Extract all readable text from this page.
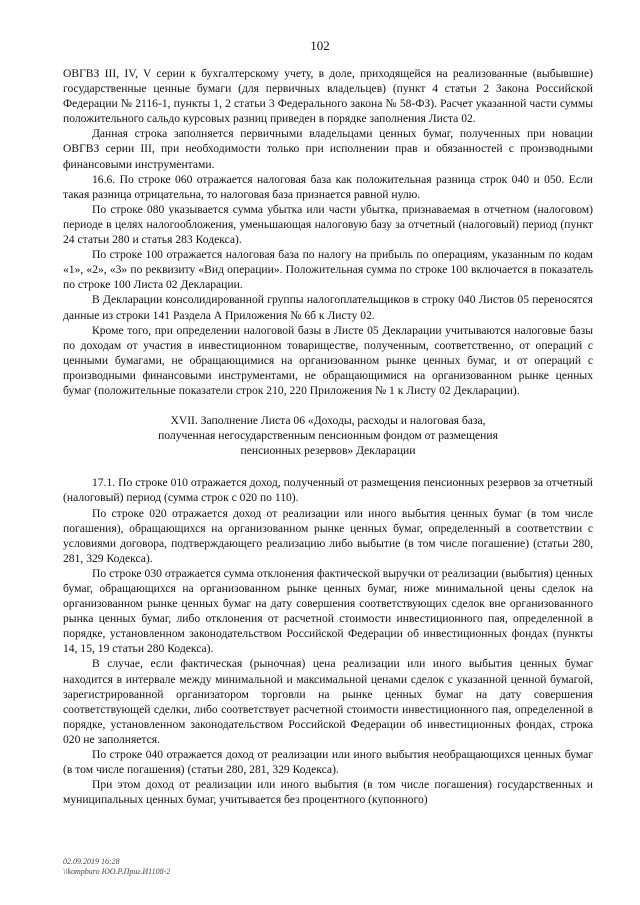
102

ОВГВЗ III, IV, V серии к бухгалтерскому учету, в доле, приходящейся на реализованные (выбывшие) государственные ценные бумаги (для первичных владельцев) (пункт 4 статьи 2 Закона Российской Федерации № 2116-1, пункты 1, 2 статьи 3 Федерального закона № 58-ФЗ). Расчет указанной части суммы положительного сальдо курсовых разниц приведен в порядке заполнения Листа 02.

Данная строка заполняется первичными владельцами ценных бумаг, полученных при новации ОВГВЗ серии III, при необходимости только при исполнении прав и обязанностей с производными финансовыми инструментами.

16.6. По строке 060 отражается налоговая база как положительная разница строк 040 и 050. Если такая разница отрицательна, то налоговая база признается равной нулю.

По строке 080 указывается сумма убытка или части убытка, признаваемая в отчетном (налоговом) периоде в целях налогообложения, уменьшающая налоговую базу за отчетный (налоговый) период (пункт 24 статьи 280 и статья 283 Кодекса).

По строке 100 отражается налоговая база по налогу на прибыль по операциям, указанным по кодам «1», «2», «3» по реквизиту «Вид операции». Положительная сумма по строке 100 включается в показатель по строке 100 Листа 02 Декларации.

В Декларации консолидированной группы налогоплательщиков в строку 040 Листов 05 переносятся данные из строки 141 Раздела А Приложения № 6б к Листу 02.

Кроме того, при определении налоговой базы в Листе 05 Декларации учитываются налоговые базы по доходам от участия в инвестиционном товариществе, полученным, соответственно, от операций с ценными бумагами, не обращающимися на организованном рынке ценных бумаг, и от операций с производными финансовыми инструментами, не обращающимися на организованном рынке ценных бумаг (положительные показатели строк 210, 220 Приложения № 1 к Листу 02 Декларации).

XVII. Заполнение Листа 06 «Доходы, расходы и налоговая база,
полученная негосударственным пенсионным фондом от размещения
пенсионных резервов» Декларации

17.1. По строке 010 отражается доход, полученный от размещения пенсионных резервов за отчетный (налоговый) период (сумма строк с 020 по 110).

По строке 020 отражается доход от реализации или иного выбытия ценных бумаг (в том числе погашения), обращающихся на организованном рынке ценных бумаг, определенный в соответствии с условиями договора, подтверждающего реализацию либо выбытие (в том числе погашение) (статьи 280, 281, 329 Кодекса).

По строке 030 отражается сумма отклонения фактической выручки от реализации (выбытия) ценных бумаг, обращающихся на организованном рынке ценных бумаг, ниже минимальной цены сделок на организованном рынке ценных бумаг на дату совершения соответствующих сделок вне организованного рынка ценных бумаг, либо отклонения от расчетной стоимости инвестиционного пая, определенной в порядке, установленном законодательством Российской Федерации об инвестиционных фондах (пункты 14, 15, 19 статьи 280 Кодекса).

В случае, если фактическая (рыночная) цена реализации или иного выбытия ценных бумаг находится в интервале между минимальной и максимальной ценами сделок с указанной ценной бумагой, зарегистрированной организатором торговли на рынке ценных бумаг на дату совершения соответствующей сделки, либо соответствует расчетной стоимости инвестиционного пая, определенной в порядке, установленном законодательством Российской Федерации об инвестиционных фондах, строка 020 не заполняется.

По строке 040 отражается доход от реализации или иного выбытия необращающихся ценных бумаг (в том числе погашения) (статьи 280, 281, 329 Кодекса).

При этом доход от реализации или иного выбытия (в том числе погашения) государственных и муниципальных ценных бумаг, учитывается без процентного (купонного)

02.09.2019 16:28
\\kompburo ЮО.Р.Приг.И1108-2
